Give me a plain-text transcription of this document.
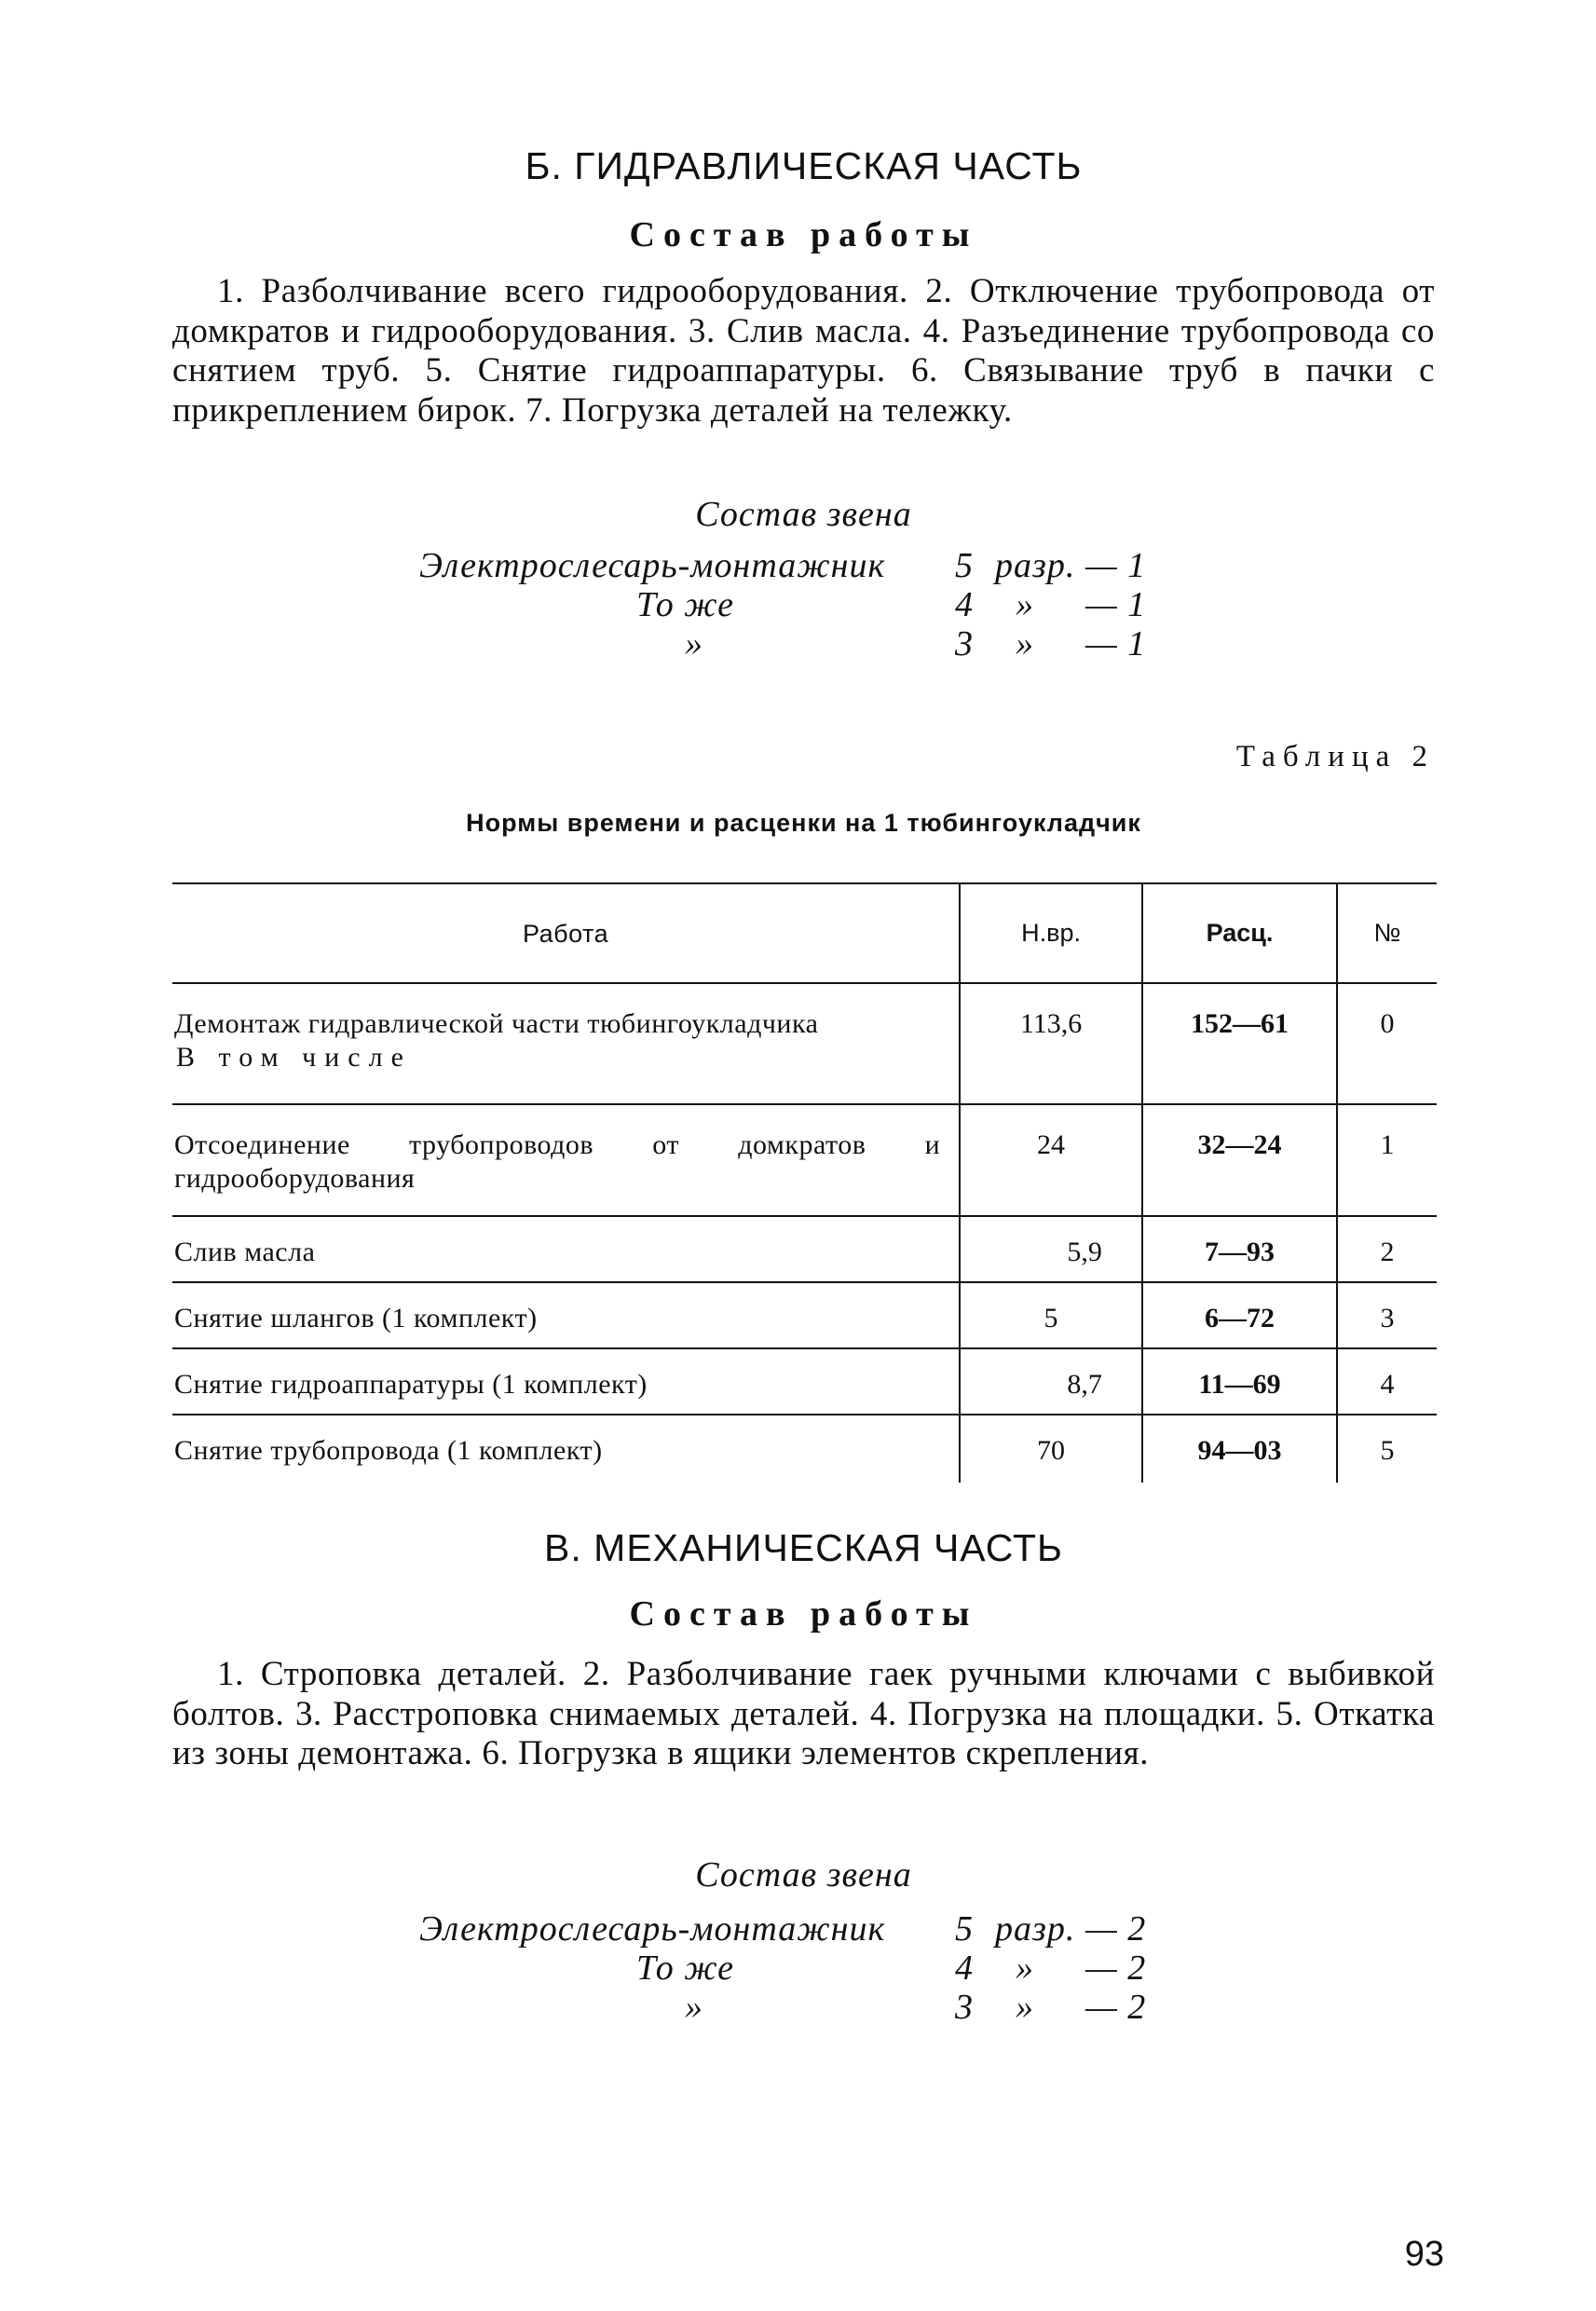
Б. ГИДРАВЛИЧЕСКАЯ ЧАСТЬ
Состав работы
1. Разболчивание всего гидрооборудования. 2. Отключение трубопровода от домкратов и гидрооборудования. 3. Слив масла. 4. Разъединение трубопровода со снятием труб. 5. Снятие гидроаппаратуры. 6. Связывание труб в пачки с прикреплением бирок. 7. Погрузка деталей на тележку.
Состав звена
Электрослесарь-монтажник 5 разр. — 1
То же	4 » — 1
»	3 » — 1
Таблица 2
Нормы времени и расценки на 1 тюбингоукладчик
Работа	Н.вр.	Расц.	№
Демонтаж гидравлической части тюбингоукладчика
В том числе	113,6	152—61	0
Отсоединение трубопроводов от домкратов и гидрооборудования	24	32—24	1
Слив масла	5,9	7—93	2
Снятие шлангов (1 комплект)	5	6—72	3
Снятие гидроаппаратуры (1 комплект)	8,7	11—69	4
Снятие трубопровода (1 комплект)	70	94—03	5
В. МЕХАНИЧЕСКАЯ ЧАСТЬ
Состав работы
1. Строповка деталей. 2. Разболчивание гаек ручными ключами с выбивкой болтов. 3. Расстроповка снимаемых деталей. 4. Погрузка на площадки. 5. Откатка из зоны демонтажа. 6. Погрузка в ящики элементов скрепления.
Состав звена
Электрослесарь-монтажник 5 разр. — 2
То же	4 » — 2
»	3 » — 2
93
